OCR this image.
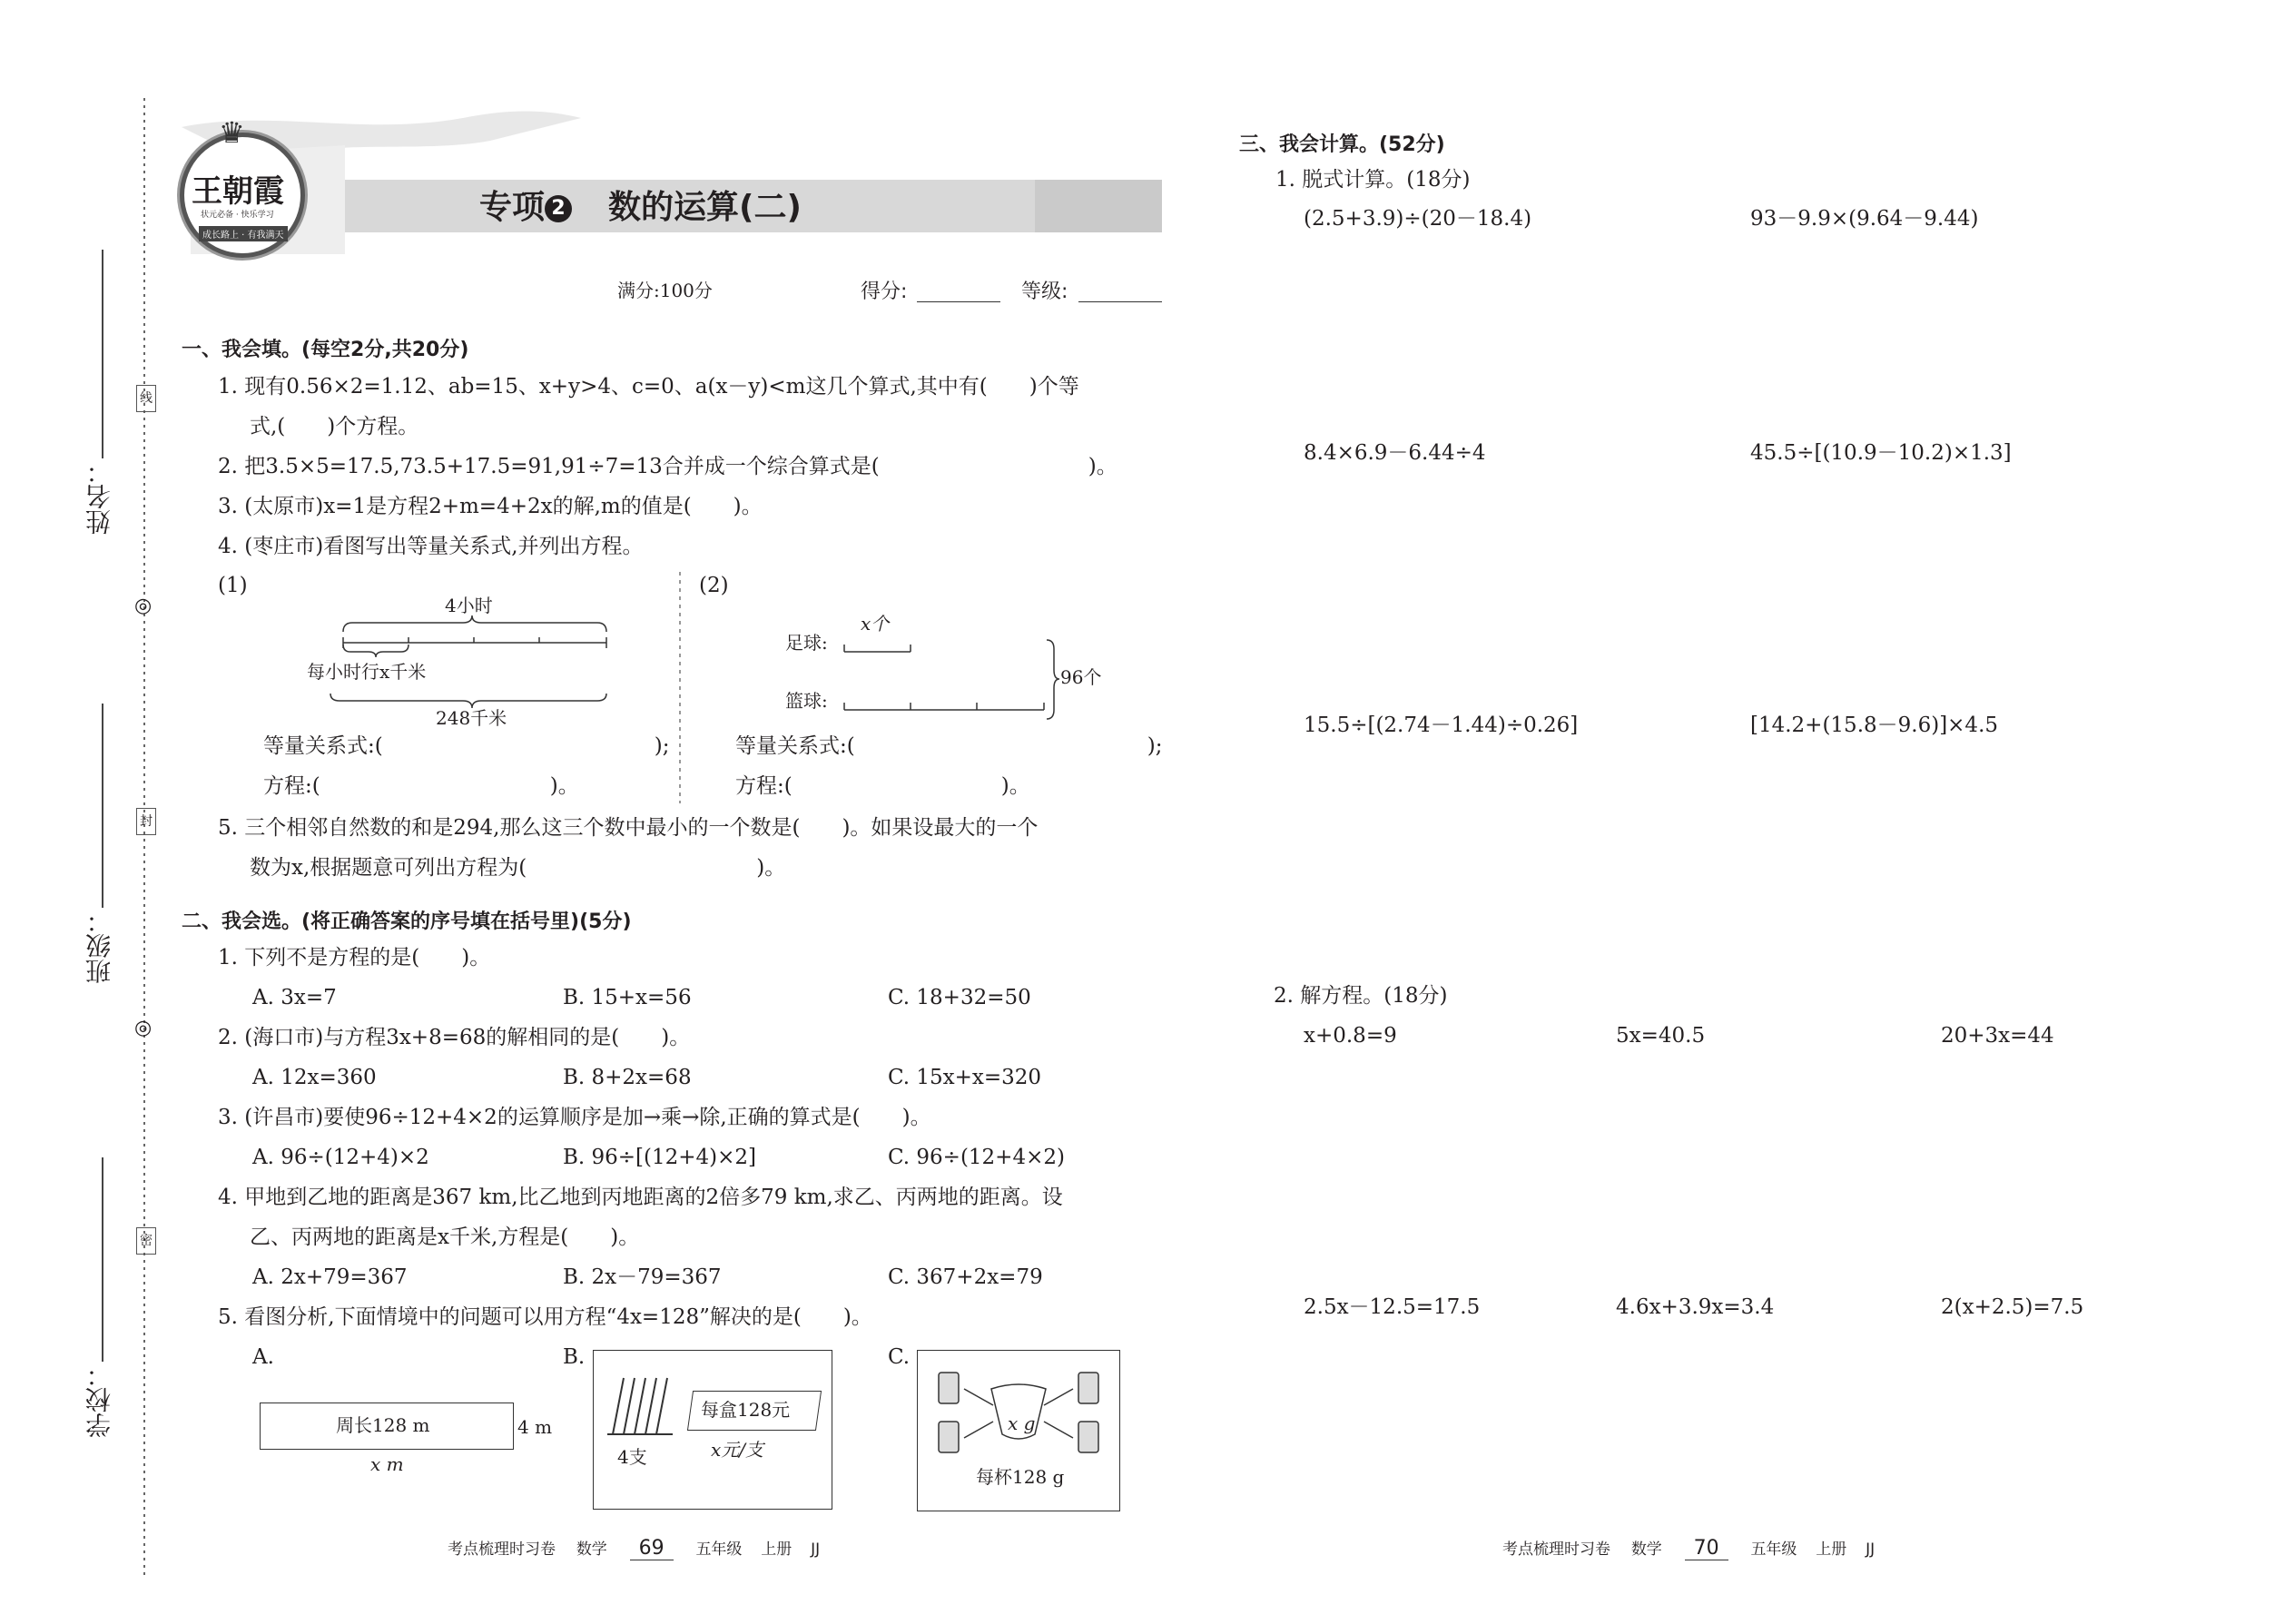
线
封
密
◎
◎
姓名：
班级：
学校：
♛
王朝霞
状元必备 · 快乐学习
成长路上 · 有我满天
专项 2 数的运算(二)
满分:100分	得分:	等级:
一、我会填。(每空2分,共20分)
1. 现有0.56×2=1.12、ab=15、x+y>4、c=0、a(x－y)<m这几个算式,其中有(　　)个等
式,(　　)个方程。
2. 把3.5×5=17.5,73.5+17.5=91,91÷7=13合并成一个综合算式是(　　　　　　　　　　)。
3. (太原市)x=1是方程2+m=4+2x的解,m的值是(　　)。
4. (枣庄市)看图写出等量关系式,并列出方程。
(1)
4小时
每小时行x千米
248千米
(2)
x个
足球:
篮球:
96个
等量关系式:(　　　　　　　　　　　　　);
方程:(　　　　　　　　　　　)。
等量关系式:(　　　　　　　　　　　　　　);
方程:(　　　　　　　　　　)。
5. 三个相邻自然数的和是294,那么这三个数中最小的一个数是(　　)。如果设最大的一个
数为x,根据题意可列出方程为(　　　　　　　　　　　)。
二、我会选。(将正确答案的序号填在括号里)(5分)
1. 下列不是方程的是(　　)。
A. 3x=7	B. 15+x=56	C. 18+32=50
2. (海口市)与方程3x+8=68的解相同的是(　　)。
A. 12x=360	B. 8+2x=68	C. 15x+x=320
3. (许昌市)要使96÷12+4×2的运算顺序是加→乘→除,正确的算式是(　　)。
A. 96÷(12+4)×2	B. 96÷[(12+4)×2]	C. 96÷(12+4×2)
4. 甲地到乙地的距离是367 km,比乙地到丙地距离的2倍多79 km,求乙、丙两地的距离。设
乙、丙两地的距离是x千米,方程是(　　)。
A. 2x+79=367	B. 2x－79=367	C. 367+2x=79
5. 看图分析,下面情境中的问题可以用方程“4x=128”解决的是(　　)。
A.	B.	C.
周长128 m	4 m
x m
每盒128元
4支	x元/支
x g
每杯128 g
三、我会计算。(52分)
1. 脱式计算。(18分)
(2.5+3.9)÷(20－18.4)	93－9.9×(9.64－9.44)
8.4×6.9－6.44÷4	45.5÷[(10.9－10.2)×1.3]
15.5÷[(2.74－1.44)÷0.26]	[14.2+(15.8－9.6)]×4.5
2. 解方程。(18分)
x+0.8=9	5x=40.5	20+3x=44
2.5x－12.5=17.5	4.6x+3.9x=3.4	2(x+2.5)=7.5
考点梳理时习卷 数学 69 五年级 上册 JJ	考点梳理时习卷 数学 70 五年级 上册 JJ
